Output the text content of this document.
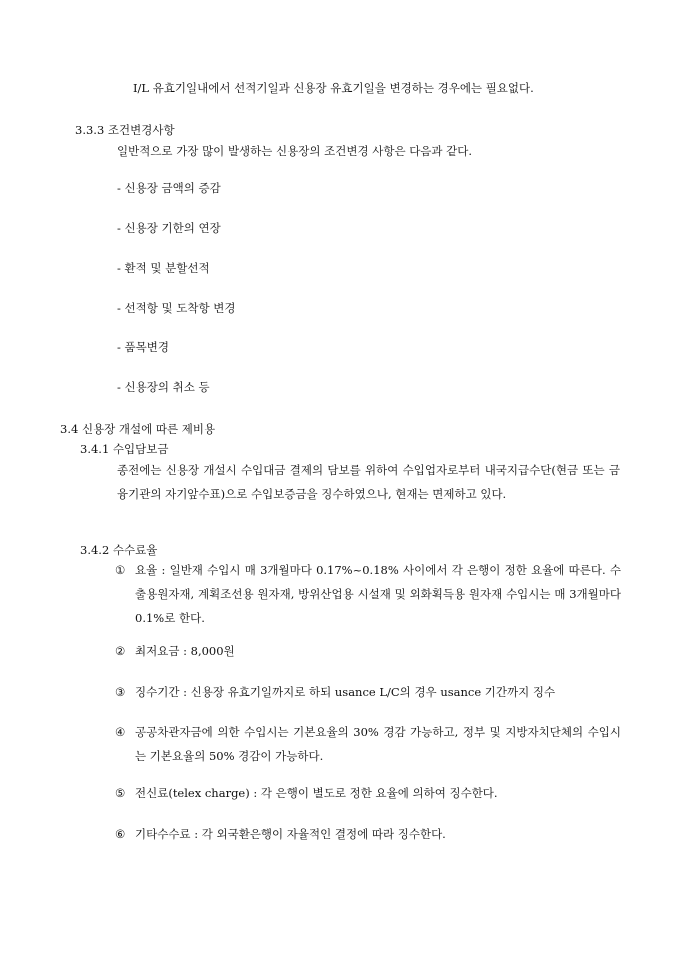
I/L 유효기일내에서 선적기일과 신용장 유효기일을 변경하는 경우에는 필요없다.
3.3.3 조건변경사항
일반적으로 가장 많이 발생하는 신용장의 조건변경 사항은 다음과 같다.
- 신용장 금액의 증감
- 신용장 기한의 연장
- 환적 및 분할선적
- 선적항 및 도착항 변경
- 품목변경
- 신용장의 취소 등
3.4 신용장 개설에 따른 제비용
3.4.1 수입담보금
종전에는 신용장 개설시 수입대금 결제의 담보를 위하여 수입업자로부터 내국지급수단(현금 또는 금융기관의 자기앞수표)으로 수입보증금을 징수하였으나, 현재는 면제하고 있다.
3.4.2 수수료율
① 요율 : 일반재 수입시 매 3개월마다 0.17%~0.18% 사이에서 각 은행이 정한 요율에 따른다. 수출용원자재, 계획조선용 원자재, 방위산업용 시설재 및 외화획득용 원자재 수입시는 매 3개월마다 0.1%로 한다.
② 최저요금 : 8,000원
③ 징수기간 : 신용장 유효기일까지로 하되 usance L/C의 경우 usance 기간까지 징수
④ 공공차관자금에 의한 수입시는 기본요율의 30% 경감 가능하고, 정부 및 지방자치단체의 수입시는 기본요율의 50% 경감이 가능하다.
⑤ 전신료(telex charge) : 각 은행이 별도로 정한 요율에 의하여 징수한다.
⑥ 기타수수료 : 각 외국환은행이 자율적인 결정에 따라 징수한다.
